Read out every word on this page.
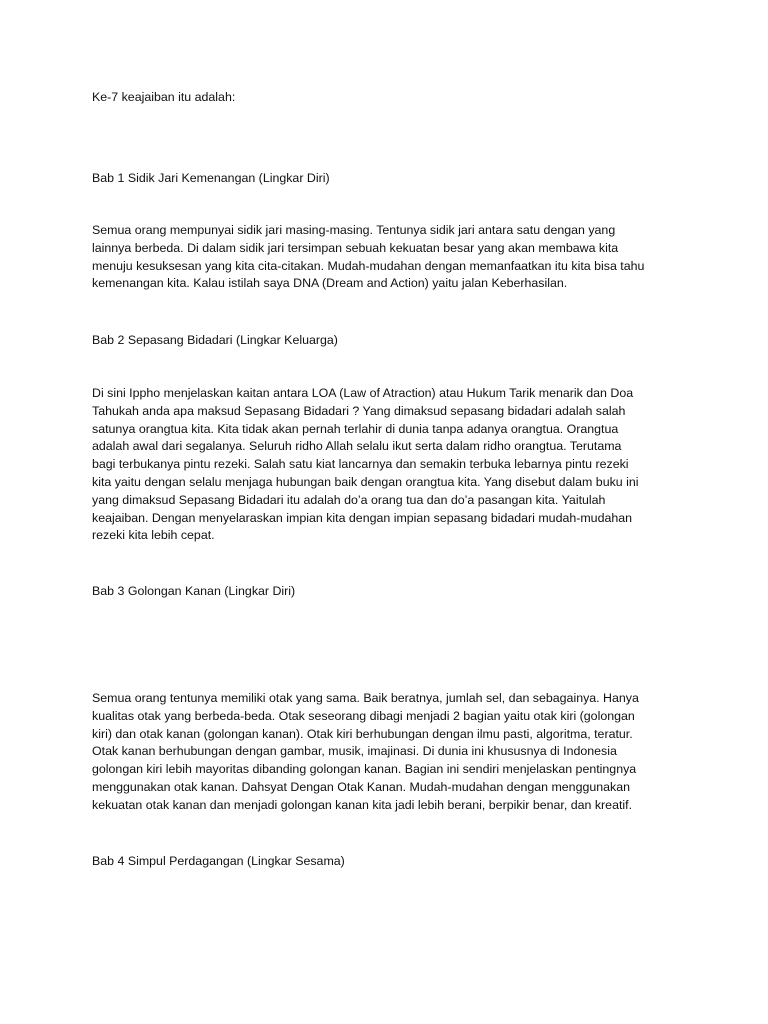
Ke-7 keajaiban itu adalah:

Bab 1 Sidik Jari Kemenangan (Lingkar Diri)

Semua orang mempunyai sidik jari masing-masing. Tentunya sidik jari antara satu dengan yang
lainnya berbeda. Di dalam sidik jari tersimpan sebuah kekuatan besar yang akan membawa kita
menuju kesuksesan yang kita cita-citakan. Mudah-mudahan dengan memanfaatkan itu kita bisa tahu
kemenangan kita. Kalau istilah saya DNA (Dream and Action) yaitu jalan Keberhasilan.

Bab 2 Sepasang Bidadari (Lingkar Keluarga)

Di sini Ippho menjelaskan kaitan antara LOA (Law of Atraction) atau Hukum Tarik menarik dan Doa
Tahukah anda apa maksud Sepasang Bidadari ? Yang dimaksud sepasang bidadari adalah salah
satunya orangtua kita. Kita tidak akan pernah terlahir di dunia tanpa adanya orangtua. Orangtua
adalah awal dari segalanya. Seluruh ridho Allah selalu ikut serta dalam ridho orangtua. Terutama
bagi terbukanya pintu rezeki. Salah satu kiat lancarnya dan semakin terbuka lebarnya pintu rezeki
kita yaitu dengan selalu menjaga hubungan baik dengan orangtua kita. Yang disebut dalam buku ini
yang dimaksud Sepasang Bidadari itu adalah do’a orang tua dan do’a pasangan kita. Yaitulah
keajaiban. Dengan menyelaraskan impian kita dengan impian sepasang bidadari mudah-mudahan
rezeki kita lebih cepat.

Bab 3 Golongan Kanan (Lingkar Diri)

Semua orang tentunya memiliki otak yang sama. Baik beratnya, jumlah sel, dan sebagainya. Hanya
kualitas otak yang berbeda-beda. Otak seseorang dibagi menjadi 2 bagian yaitu otak kiri (golongan
kiri) dan otak kanan (golongan kanan). Otak kiri berhubungan dengan ilmu pasti, algoritma, teratur.
Otak kanan berhubungan dengan gambar, musik, imajinasi. Di dunia ini khususnya di Indonesia
golongan kiri lebih mayoritas dibanding golongan kanan. Bagian ini sendiri menjelaskan pentingnya
menggunakan otak kanan. Dahsyat Dengan Otak Kanan. Mudah-mudahan dengan menggunakan
kekuatan otak kanan dan menjadi golongan kanan kita jadi lebih berani, berpikir benar, dan kreatif.

Bab 4 Simpul Perdagangan (Lingkar Sesama)
